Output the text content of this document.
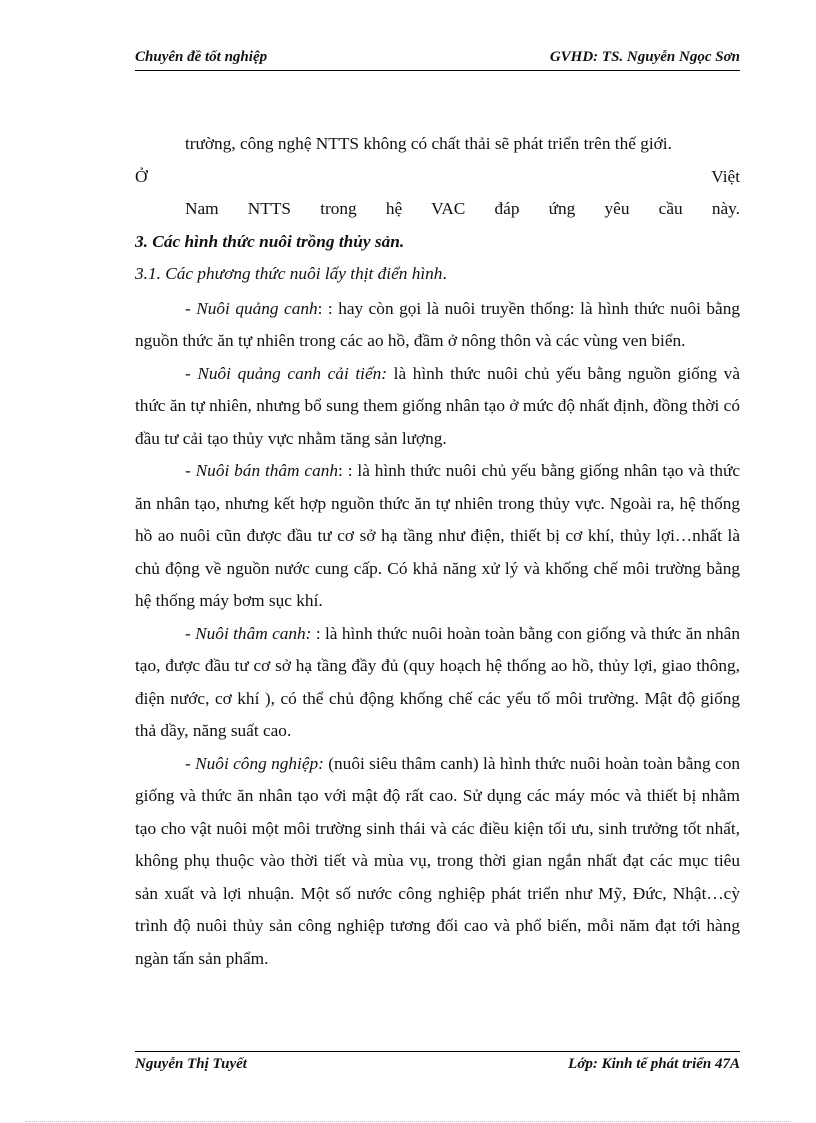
Chuyên đề tốt nghiệp	GVHD: TS. Nguyễn Ngọc Sơn

trường, công nghệ NTTS không có chất thải sẽ phát triển trên thế giới.

Ở	Việt

Nam NTTS trong hệ VAC đáp ứng yêu cầu này.

3. Các hình thức nuôi trồng thủy sản.

3.1. Các phương thức nuôi lấy thịt điển hình.

- Nuôi quảng canh: : hay còn gọi là nuôi truyền thống: là hình thức nuôi bằng nguồn thức ăn tự nhiên trong các ao hồ, đầm ở nông thôn và các vùng ven biển.

- Nuôi quảng canh cải tiến: là hình thức nuôi chủ yếu bằng nguồn giống và thức ăn tự nhiên, nhưng bổ sung them giống nhân tạo ở mức độ nhất định, đồng thời có đầu tư cải tạo thủy vực nhằm tăng sản lượng.

- Nuôi bán thâm canh: : là hình thức nuôi chủ yếu bằng giống nhân tạo và thức ăn nhân tạo, nhưng kết hợp nguồn thức ăn tự nhiên trong thủy vực. Ngoài ra, hệ thống hồ ao nuôi cũn được đầu tư cơ sở hạ tầng như điện, thiết bị cơ khí, thủy lợi…nhất là chủ động về nguồn nước cung cấp. Có khả năng xử lý và khống chế môi trường bằng hệ thống máy bơm sục khí.

- Nuôi thâm canh: : là hình thức nuôi hoàn toàn bằng con giống và thức ăn nhân tạo, được đầu tư cơ sở hạ tầng đầy đủ (quy hoạch hệ thống ao hồ, thủy lợi, giao thông, điện nước, cơ khí ), có thể chủ động khống chế các yếu tố môi trường. Mật độ giống thả dầy, năng suất cao.

- Nuôi công nghiệp: (nuôi siêu thâm canh) là hình thức nuôi hoàn toàn bằng con giống và thức ăn nhân tạo với mật độ rất cao. Sử dụng các máy móc và thiết bị nhằm tạo cho vật nuôi một môi trường sinh thái và các điều kiện tối ưu, sinh trưởng tốt nhất, không phụ thuộc vào thời tiết và mùa vụ, trong thời gian ngắn nhất đạt các mục tiêu sản xuất và lợi nhuận. Một số nước công nghiệp phát triển như Mỹ, Đức, Nhật…cỳ trình độ nuôi thủy sản công nghiệp tương đối cao và phổ biến, mỗi năm đạt tới hàng ngàn tấn sản phẩm.

Nguyễn Thị Tuyết	Lớp: Kinh tế phát triển 47A
